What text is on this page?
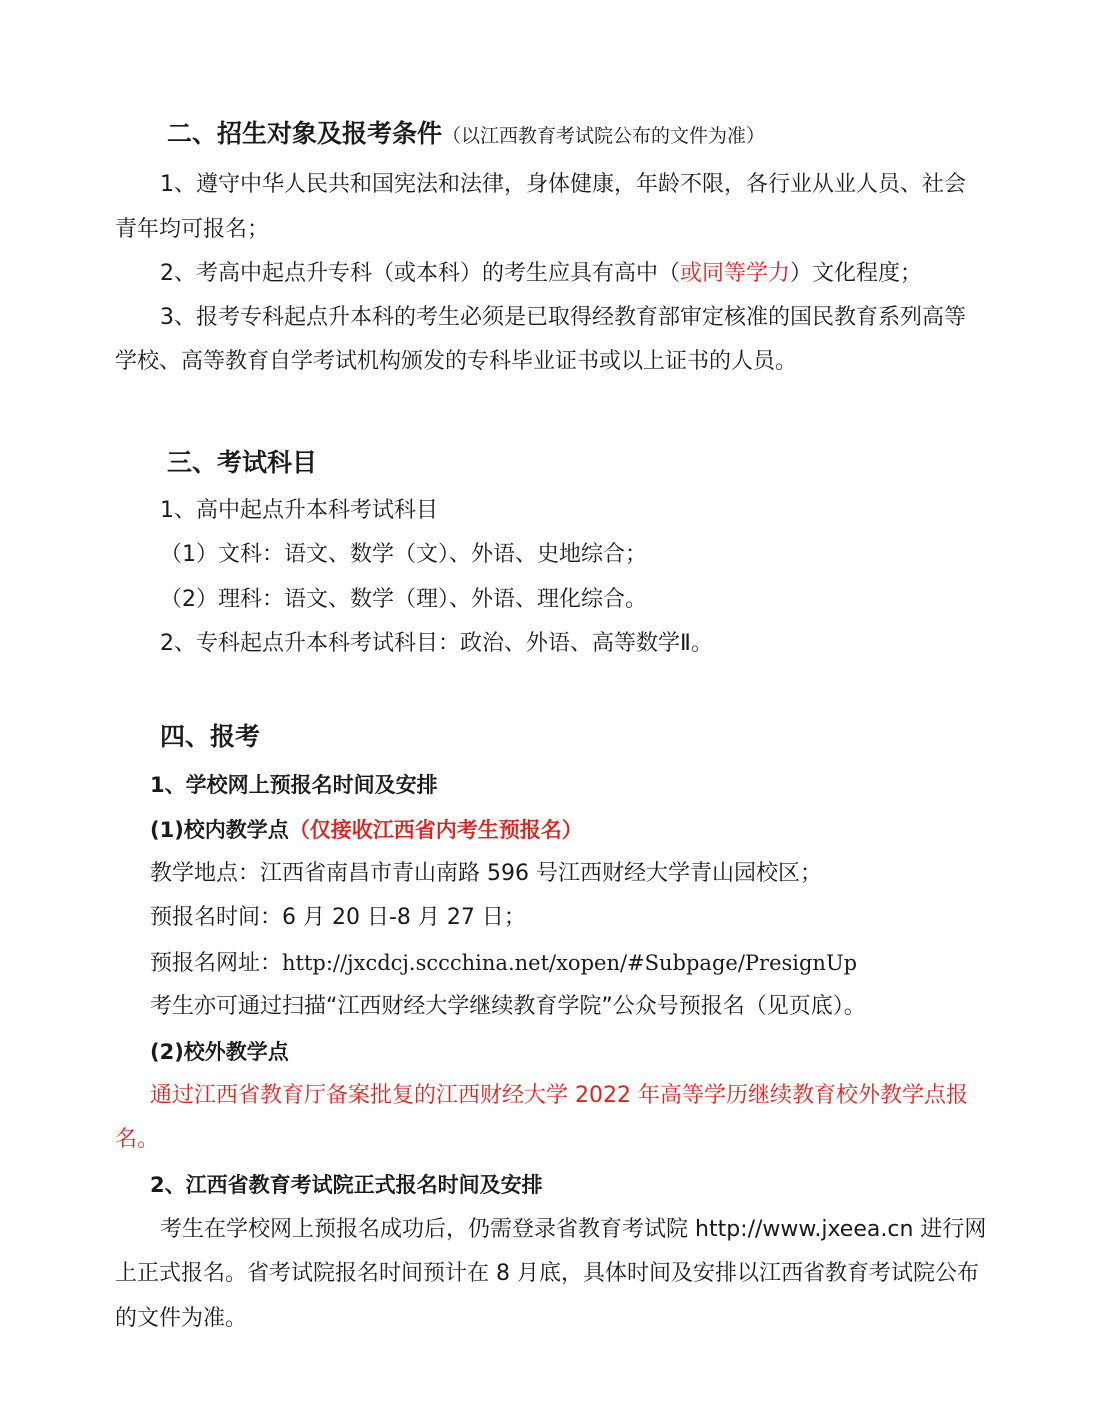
二、招生对象及报考条件（以江西教育考试院公布的文件为准）
1、遵守中华人民共和国宪法和法律，身体健康，年龄不限，各行业从业人员、社会
青年均可报名；
2、考高中起点升专科（或本科）的考生应具有高中（或同等学力）文化程度；
3、报考专科起点升本科的考生必须是已取得经教育部审定核准的国民教育系列高等
学校、高等教育自学考试机构颁发的专科毕业证书或以上证书的人员。
三、考试科目
1、高中起点升本科考试科目
（1）文科：语文、数学（文）、外语、史地综合；
（2）理科：语文、数学（理）、外语、理化综合。
2、专科起点升本科考试科目：政治、外语、高等数学Ⅱ。
四、报考
1、学校网上预报名时间及安排
(1)校内教学点（仅接收江西省内考生预报名）
教学地点：江西省南昌市青山南路 596 号江西财经大学青山园校区；
预报名时间：6 月 20 日-8 月 27 日；
预报名网址：http://jxcdcj.sccchina.net/xopen/#Subpage/PresignUp
考生亦可通过扫描“江西财经大学继续教育学院”公众号预报名（见页底）。
(2)校外教学点
通过江西省教育厅备案批复的江西财经大学 2022 年高等学历继续教育校外教学点报
名。
2、江西省教育考试院正式报名时间及安排
考生在学校网上预报名成功后，仍需登录省教育考试院 http://www.jxeea.cn 进行网
上正式报名。省考试院报名时间预计在 8 月底，具体时间及安排以江西省教育考试院公布
的文件为准。
